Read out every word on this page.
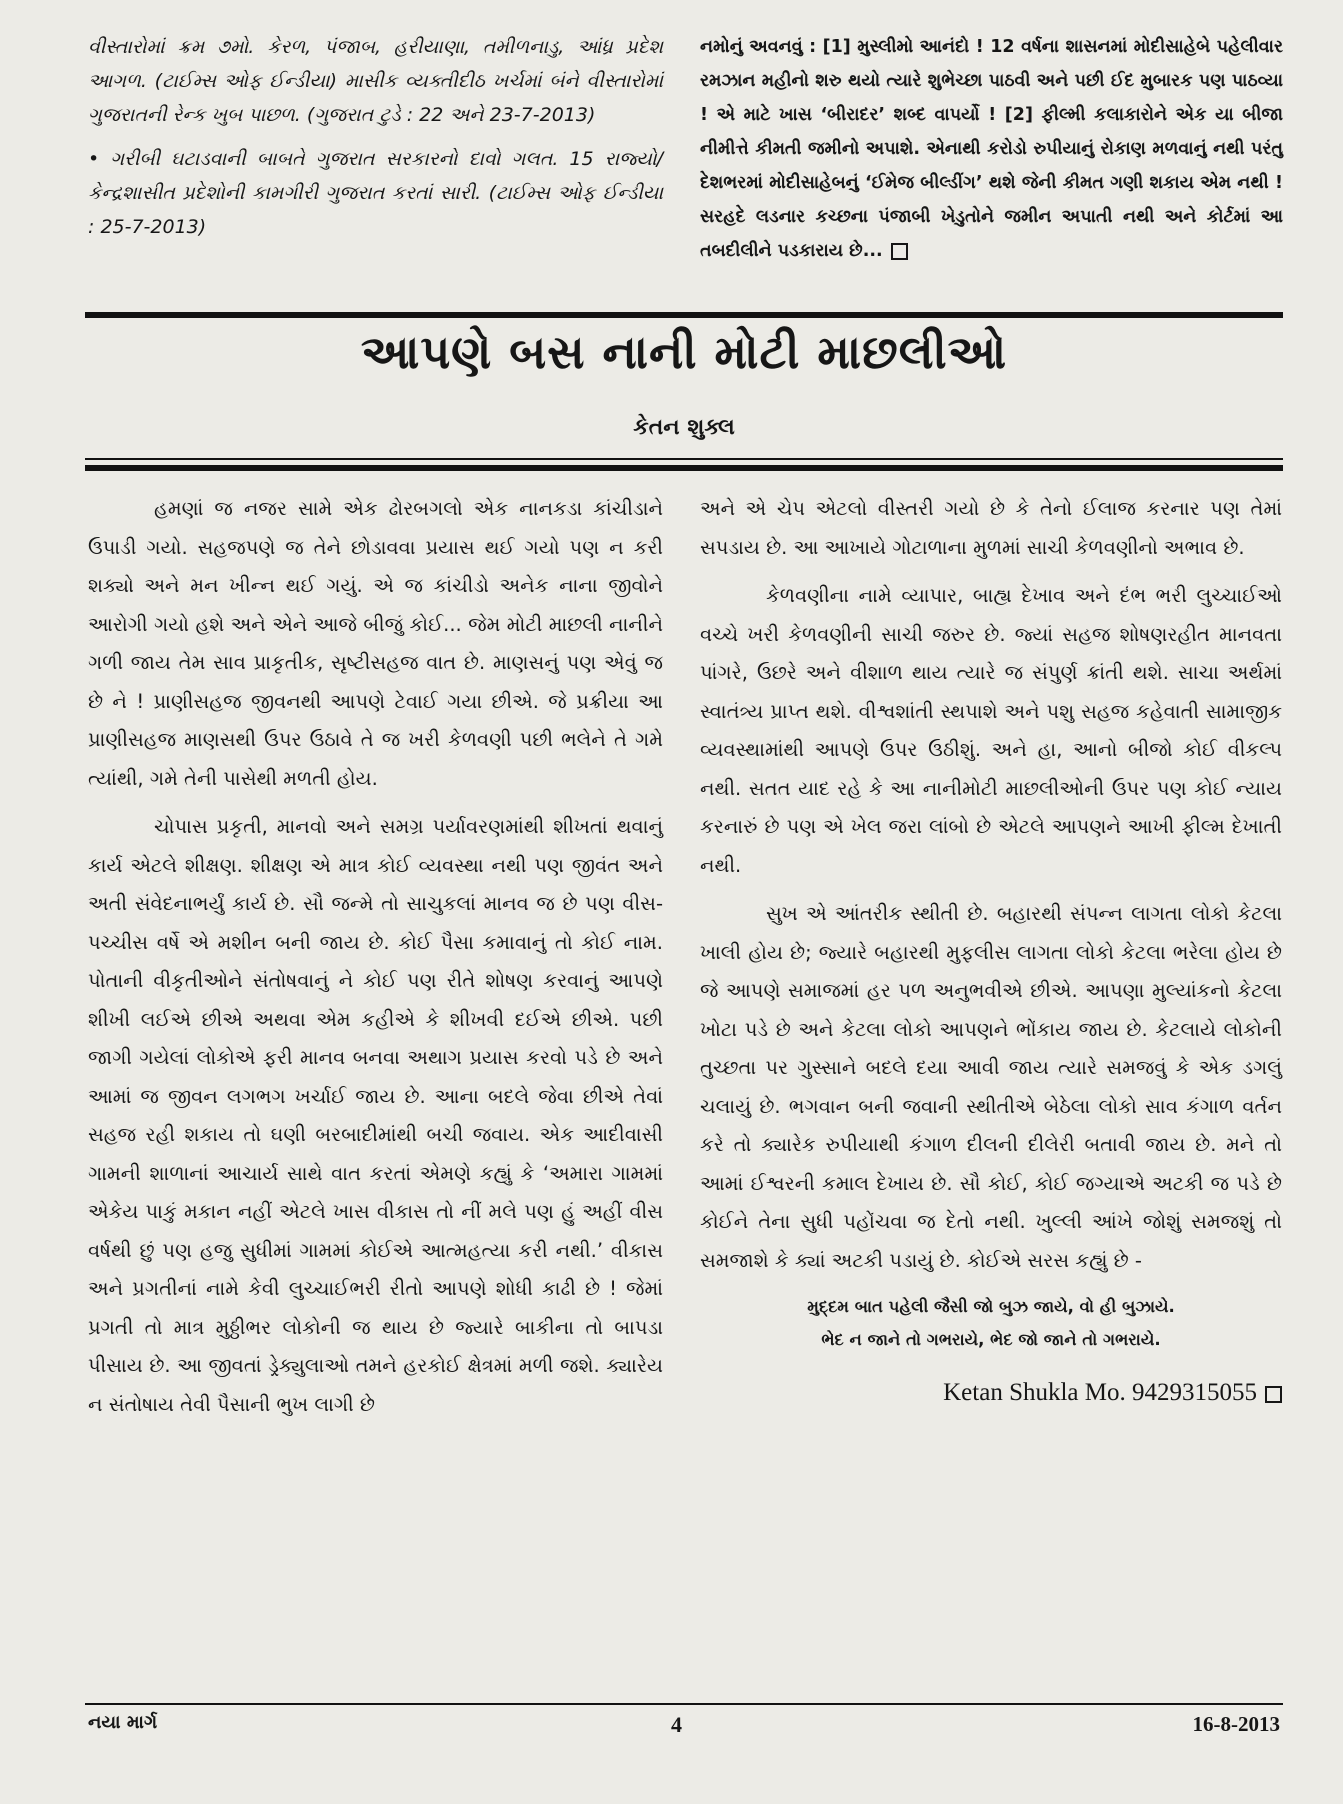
વીસ્તારોમાં ક્રમ ૭મો. કેરળ, પંજાબ, હરીયાણા, તમીળનાડુ, આંધ્ર પ્રદેશ આગળ. (ટાઈમ્સ ઓફ ઈન્ડીયા) માસીક વ્યક્તીદીઠ ખર્ચમાં બંને વીસ્તારોમાં ગુજરાતની રેન્ક ખુબ પાછળ. (ગુજરાત ટુડે : 22 અને 23-7-2013)

• ગરીબી ઘટાડવાની બાબતે ગુજરાત સરકારનો દાવો ગલત. 15 રાજ્યો/કેન્દ્રશાસીત પ્રદેશોની કામગીરી ગુજરાત કરતાં સારી. (ટાઈમ્સ ઓફ ઈન્ડીયા : 25-7-2013)

નમોનું અવનવું : [1] મુસ્લીમો આનંદો ! 12 વર્ષના શાસનમાં મોદીસાહેબે પહેલીવાર રમઝાન મહીનો શરુ થયો ત્યારે શુભેચ્છા પાઠવી અને પછી ઈદ મુબારક પણ પાઠવ્યા ! એ માટે ખાસ ‘બીરાદર’ શબ્દ વાપર્યો ! [2] ફીલ્મી કલાકારોને એક યા બીજા નીમીત્તે કીમતી જમીનો અપાશે. એનાથી કરોડો રુપીયાનું રોકાણ મળવાનું નથી પરંતુ દેશભરમાં મોદીસાહેબનું ‘ઈમેજ બીલ્ડીંગ’ થશે જેની કીમત ગણી શકાય એમ નથી ! સરહદે લડનાર કચ્છના પંજાબી ખેડુતોને જમીન અપાતી નથી અને કોર્ટમાં આ તબદીલીને પડકારાય છે...

આપણે બસ નાની મોટી માછલીઓ
કેતન શુક્લ

હમણાં જ નજર સામે એક ઢોરબગલો એક નાનકડા કાંચીડાને ઉપાડી ગયો. સહજપણે જ તેને છોડાવવા પ્રયાસ થઈ ગયો પણ ન કરી શક્યો અને મન ખીન્ન થઈ ગયું. એ જ કાંચીડો અનેક નાના જીવોને આરોગી ગયો હશે અને એને આજે બીજું કોઈ... જેમ મોટી માછલી નાનીને ગળી જાય તેમ સાવ પ્રાકૃતીક, સૃષ્ટીસહજ વાત છે. માણસનું પણ એવું જ છે ને ! પ્રાણીસહજ જીવનથી આપણે ટેવાઈ ગયા છીએ. જે પ્રક્રીયા આ પ્રાણીસહજ માણસથી ઉપર ઉઠાવે તે જ ખરી કેળવણી પછી ભલેને તે ગમે ત્યાંથી, ગમે તેની પાસેથી મળતી હોય.

ચોપાસ પ્રકૃતી, માનવો અને સમગ્ર પર્યાવરણમાંથી શીખતાં થવાનું કાર્ય એટલે શીક્ષણ. શીક્ષણ એ માત્ર કોઈ વ્યવસ્થા નથી પણ જીવંત અને અતી સંવેદનાભર્યું કાર્ય છે. સૌ જન્મે તો સાચુકલાં માનવ જ છે પણ વીસ-પચ્ચીસ વર્ષે એ મશીન બની જાય છે. કોઈ પૈસા કમાવાનું તો કોઈ નામ. પોતાની વીકૃતીઓને સંતોષવાનું ને કોઈ પણ રીતે શોષણ કરવાનું આપણે શીખી લઈએ છીએ અથવા એમ કહીએ કે શીખવી દઈએ છીએ. પછી જાગી ગયેલાં લોકોએ ફરી માનવ બનવા અથાગ પ્રયાસ કરવો પડે છે અને આમાં જ જીવન લગભગ ખર્ચાઈ જાય છે. આના બદલે જેવા છીએ તેવાં સહજ રહી શકાય તો ઘણી બરબાદીમાંથી બચી જવાય. એક આદીવાસી ગામની શાળાનાં આચાર્ય સાથે વાત કરતાં એમણે કહ્યું કે ‘અમારા ગામમાં એકેય પાકું મકાન નહીં એટલે ખાસ વીકાસ તો નીં મલે પણ હું અહીં વીસ વર્ષથી છું પણ હજુ સુધીમાં ગામમાં કોઈએ આત્મહત્યા કરી નથી.’ વીકાસ અને પ્રગતીનાં નામે કેવી લુચ્ચાઈભરી રીતો આપણે શોધી કાઢી છે ! જેમાં પ્રગતી તો માત્ર મુઠ્ઠીભર લોકોની જ થાય છે જ્યારે બાકીના તો બાપડા પીસાય છે. આ જીવતાં ડ્રેક્યુલાઓ તમને હરકોઈ ક્ષેત્રમાં મળી જશે. ક્યારેય ન સંતોષાય તેવી પૈસાની ભુખ લાગી છે

અને એ ચેપ એટલો વીસ્તરી ગયો છે કે તેનો ઈલાજ કરનાર પણ તેમાં સપડાય છે. આ આખાયે ગોટાળાના મુળમાં સાચી કેળવણીનો અભાવ છે.

કેળવણીના નામે વ્યાપાર, બાહ્ય દેખાવ અને દંભ ભરી લુચ્ચાઈઓ વચ્ચે ખરી કેળવણીની સાચી જરુર છે. જ્યાં સહજ શોષણરહીત માનવતા પાંગરે, ઉછરે અને વીશાળ થાય ત્યારે જ સંપુર્ણ ક્રાંતી થશે. સાચા અર્થમાં સ્વાતંત્ર્ય પ્રાપ્ત થશે. વીશ્વશાંતી સ્થપાશે અને પશુ સહજ કહેવાતી સામાજીક વ્યવસ્થામાંથી આપણે ઉપર ઉઠીશું. અને હા, આનો બીજો કોઈ વીકલ્પ નથી. સતત યાદ રહે કે આ નાનીમોટી માછલીઓની ઉપર પણ કોઈ ન્યાય કરનારું છે પણ એ ખેલ જરા લાંબો છે એટલે આપણને આખી ફીલ્મ દેખાતી નથી.

સુખ એ આંતરીક સ્થીતી છે. બહારથી સંપન્ન લાગતા લોકો કેટલા ખાલી હોય છે; જ્યારે બહારથી મુફલીસ લાગતા લોકો કેટલા ભરેલા હોય છે જે આપણે સમાજમાં હર પળ અનુભવીએ છીએ. આપણા મુલ્યાંકનો કેટલા ખોટા પડે છે અને કેટલા લોકો આપણને ભોંકાય જાય છે. કેટલાયે લોકોની તુચ્છતા પર ગુસ્સાને બદલે દયા આવી જાય ત્યારે સમજવું કે એક ડગલું ચલાયું છે. ભગવાન બની જવાની સ્થીતીએ બેઠેલા લોકો સાવ કંગાળ વર્તન કરે તો ક્યારેક રુપીયાથી કંગાળ દીલની દીલેરી બતાવી જાય છે. મને તો આમાં ઈશ્વરની કમાલ દેખાય છે. સૌ કોઈ, કોઈ જગ્યાએ અટકી જ પડે છે કોઈને તેના સુધી પહોંચવા જ દેતો નથી. ખુલ્લી આંખે જોશું સમજશું તો સમજાશે કે ક્યાં અટકી પડાયું છે. કોઈએ સરસ કહ્યું છે -

મુદ્દમ બાત પહેલી જૈસી જો બુઝ જાયે, વો હી બુઝાયે.
ભેદ ન જાને તો ગભરાયે, ભેદ જો જાને તો ગભરાયે.
Ketan Shukla Mo. 9429315055
નયા માર્ગ	4	16-8-2013
